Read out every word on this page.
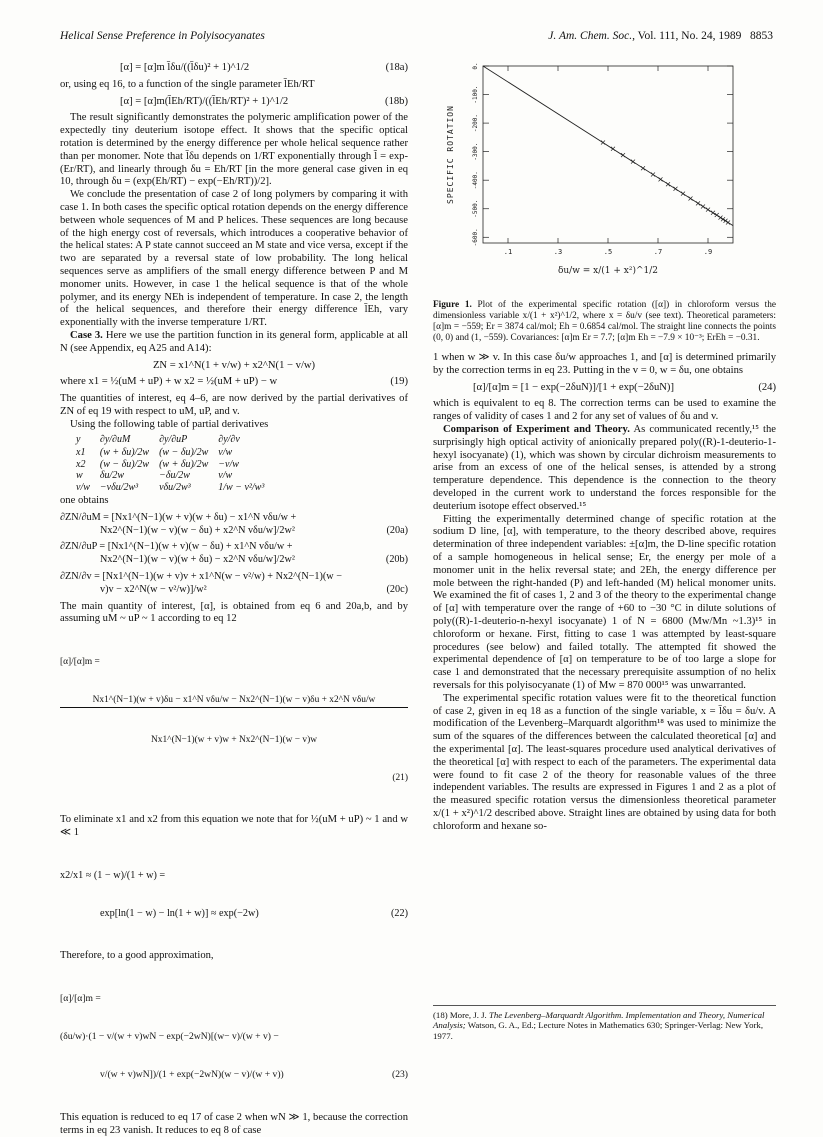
Helical Sense Preference in Polyisocyanates	J. Am. Chem. Soc., Vol. 111, No. 24, 1989 8853
[α] = [α]m l̄δu/((l̄δu)² + 1)^1/2	(18a)

or, using eq 16, to a function of the single parameter l̄Eh/RT

[α] = [α]m(l̄Eh/RT)/((l̄Eh/RT)² + 1)^1/2	(18b)

The result significantly demonstrates the polymeric amplification power of the expectedly tiny deuterium isotope effect. It shows that the specific optical rotation is determined by the energy difference per whole helical sequence rather than per monomer. Note that l̄δu depends on 1/RT exponentially through l̄ = exp-(Er/RT), and linearly through δu = Eh/RT [in the more general case given in eq 10, through δu = (exp(Eh/RT) − exp(−Eh/RT))/2].

We conclude the presentation of case 2 of long polymers by comparing it with case 1. In both cases the specific optical rotation depends on the energy difference between whole sequences of M and P helices. These sequences are long because of the high energy cost of reversals, which introduces a cooperative behavior of the helical states: A P state cannot succeed an M state and vice versa, except if the two are separated by a reversal state of low probability. The long helical sequences serve as amplifiers of the small energy difference between P and M monomer units. However, in case 1 the helical sequence is that of the whole polymer, and its energy NEh is independent of temperature. In case 2, the length of the helical sequences, and therefore their energy difference l̄Eh, vary exponentially with the inverse temperature 1/RT.

Case 3. Here we use the partition function in its general form, applicable at all N (see Appendix, eq A25 and A14):

ZN = x1^N(1 + v/w) + x2^N(1 − v/w)
where x1 = ½(uM + uP) + w x2 = ½(uM + uP) − w	(19)

The quantities of interest, eq 4–6, are now derived by the partial derivatives of ZN of eq 19 with respect to uM, uP, and v.

Using the following table of partial derivatives

y	∂y/∂uM	∂y/∂uP	∂y/∂v
x1	(w + δu)/2w	(w − δu)/2w	v/w
x2	(w − δu)/2w	(w + δu)/2w	−v/w
w	δu/2w	−δu/2w	v/w
v/w	−vδu/2w³	vδu/2w³	1/w − v²/w³

one obtains

∂ZN/∂uM = [Nx1^(N−1)(w + v)(w + δu) − x1^N vδu/w +
Nx2^(N−1)(w − v)(w − δu) + x2^N vδu/w]/2w²	(20a)
∂ZN/∂uP = [Nx1^(N−1)(w + v)(w − δu) + x1^N vδu/w +
Nx2^(N−1)(w − v)(w + δu) − x2^N vδu/w]/2w²	(20b)
∂ZN/∂v = [Nx1^(N−1)(w + v)v + x1^N(w − v²/w) + Nx2^(N−1)(w −
v)v − x2^N(w − v²/w)]/w²	(20c)

The main quantity of interest, [α], is obtained from eq 6 and 20a,b, and by assuming uM ~ uP ~ 1 according to eq 12

[α]/[α]m =

Nx1^(N−1)(w + v)δu − x1^N vδu/w − Nx2^(N−1)(w − v)δu + x2^N vδu/w

Nx1^(N−1)(w + v)w + Nx2^(N−1)(w − v)w

(21)

To eliminate x1 and x2 from this equation we note that for ½(uM + uP) ~ 1 and w ≪ 1

x2/x1 ≈ (1 − w)/(1 + w) =

exp[ln(1 − w) − ln(1 + w)] ≈ exp(−2w)	(22)

Therefore, to a good approximation,

[α]/[α]m =

(δu/w)·(1 − v/(w + v)wN − exp(−2wN)[(w− v)/(w + v) −

v/(w + v)wN])/(1 + exp(−2wN)(w − v)/(w + v))	(23)

This equation is reduced to eq 17 of case 2 when wN ≫ 1, because the correction terms in eq 23 vanish. It reduces to eq 8 of case

0.
-100.
-200.
-300.
-400.
-500.
-600.
.1	.3	.5	.7	.9
SPECIFIC ROTATION
δu/w = x/(1 + x²)^1/2
Figure 1. Plot of the experimental specific rotation ([α]) in chloroform versus the dimensionless variable x/(1 + x²)^1/2, where x = δu/v (see text). Theoretical parameters: [α]m = −559; Er = 3874 cal/mol; Eh = 0.6854 cal/mol. The straight line connects the points (0, 0) and (1, −559). Covariances: [α]m Er = 7.7; [α]m Eh = −7.9 × 10⁻³; ErEh = −0.31.

1 when w ≫ v. In this case δu/w approaches 1, and [α] is determined primarily by the correction terms in eq 23. Putting in the v = 0, w = δu, one obtains

[α]/[α]m = [1 − exp(−2δuN)]/[1 + exp(−2δuN)]	(24)

which is equivalent to eq 8. The correction terms can be used to examine the ranges of validity of cases 1 and 2 for any set of values of δu and v.

Comparison of Experiment and Theory. As communicated recently,¹⁵ the surprisingly high optical activity of anionically prepared poly((R)-1-deuterio-1-hexyl isocyanate) (1), which was shown by circular dichroism measurements to arise from an excess of one of the helical senses, is attended by a strong temperature dependence. This dependence is the connection to the theory developed in the current work to understand the forces responsible for the deuterium isotope effect observed.¹⁵

Fitting the experimentally determined change of specific rotation at the sodium D line, [α], with temperature, to the theory described above, requires determination of three independent variables: ±[α]m, the D-line specific rotation of a sample homogeneous in helical sense; Er, the energy per mole of a monomer unit in the helix reversal state; and 2Eh, the energy difference per mole between the right-handed (P) and left-handed (M) helical monomer units. We examined the fit of cases 1, 2 and 3 of the theory to the experimental change of [α] with temperature over the range of +60 to −30 °C in dilute solutions of poly((R)-1-deuterio-n-hexyl isocyanate) 1 of N = 6800 (Mw/Mn ~1.3)¹⁵ in chloroform or hexane. First, fitting to case 1 was attempted by least-square procedures (see below) and failed totally. The attempted fit showed the experimental dependence of [α] on temperature to be of too large a slope for case 1 and demonstrated that the necessary prerequisite assumption of no helix reversals for this polyisocyanate (1) of Mw = 870 000¹⁵ was unwarranted.

The experimental specific rotation values were fit to the theoretical function of case 2, given in eq 18 as a function of the single variable, x = l̄δu = δu/v. A modification of the Levenberg–Marquardt algorithm¹⁸ was used to minimize the sum of the squares of the differences between the calculated theoretical [α] and the experimental [α]. The least-squares procedure used analytical derivatives of the theoretical [α] with respect to each of the parameters. The experimental data were found to fit case 2 of the theory for reasonable values of the three independent variables. The results are expressed in Figures 1 and 2 as a plot of the measured specific rotation versus the dimensionless theoretical parameter x/(1 + x²)^1/2 described above. Straight lines are obtained by using data for both chloroform and hexane so-

(18) More, J. J. The Levenberg–Marquardt Algorithm. Implementation and Theory, Numerical Analysis; Watson, G. A., Ed.; Lecture Notes in Mathematics 630; Springer-Verlag: New York, 1977.
